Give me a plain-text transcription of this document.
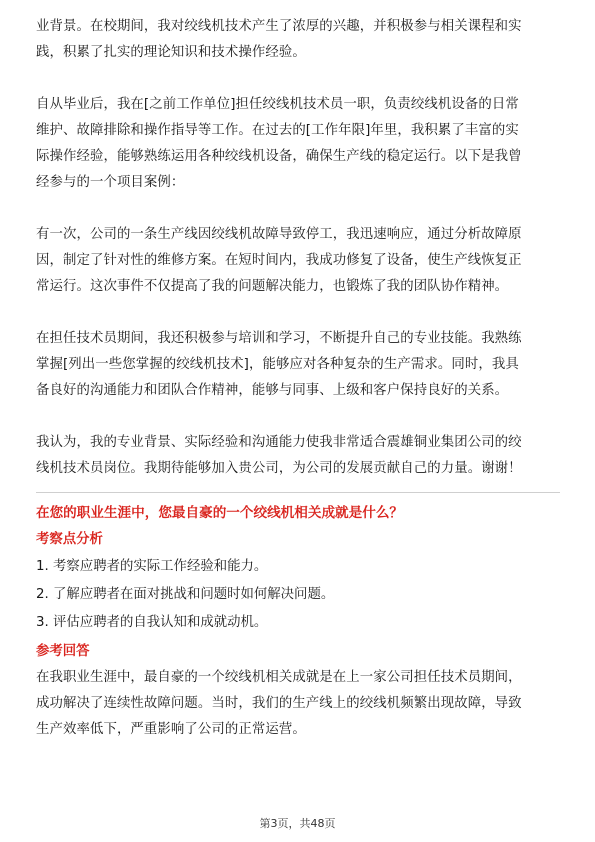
业背景。在校期间，我对绞线机技术产生了浓厚的兴趣，并积极参与相关课程和实
践，积累了扎实的理论知识和技术操作经验。

自从毕业后，我在[之前工作单位]担任绞线机技术员一职，负责绞线机设备的日常
维护、故障排除和操作指导等工作。在过去的[工作年限]年里，我积累了丰富的实
际操作经验，能够熟练运用各种绞线机设备，确保生产线的稳定运行。以下是我曾
经参与的一个项目案例：

有一次，公司的一条生产线因绞线机故障导致停工，我迅速响应，通过分析故障原
因，制定了针对性的维修方案。在短时间内，我成功修复了设备，使生产线恢复正
常运行。这次事件不仅提高了我的问题解决能力，也锻炼了我的团队协作精神。

在担任技术员期间，我还积极参与培训和学习，不断提升自己的专业技能。我熟练
掌握[列出一些您掌握的绞线机技术]，能够应对各种复杂的生产需求。同时，我具
备良好的沟通能力和团队合作精神，能够与同事、上级和客户保持良好的关系。

我认为，我的专业背景、实际经验和沟通能力使我非常适合震雄铜业集团公司的绞
线机技术员岗位。我期待能够加入贵公司，为公司的发展贡献自己的力量。谢谢！

在您的职业生涯中，您最自豪的一个绞线机相关成就是什么？

考察点分析
1. 考察应聘者的实际工作经验和能力。
2. 了解应聘者在面对挑战和问题时如何解决问题。
3. 评估应聘者的自我认知和成就动机。
参考回答

在我职业生涯中，最自豪的一个绞线机相关成就是在上一家公司担任技术员期间，
成功解决了连续性故障问题。当时，我们的生产线上的绞线机频繁出现故障，导致
生产效率低下，严重影响了公司的正常运营。

第3页，共48页
